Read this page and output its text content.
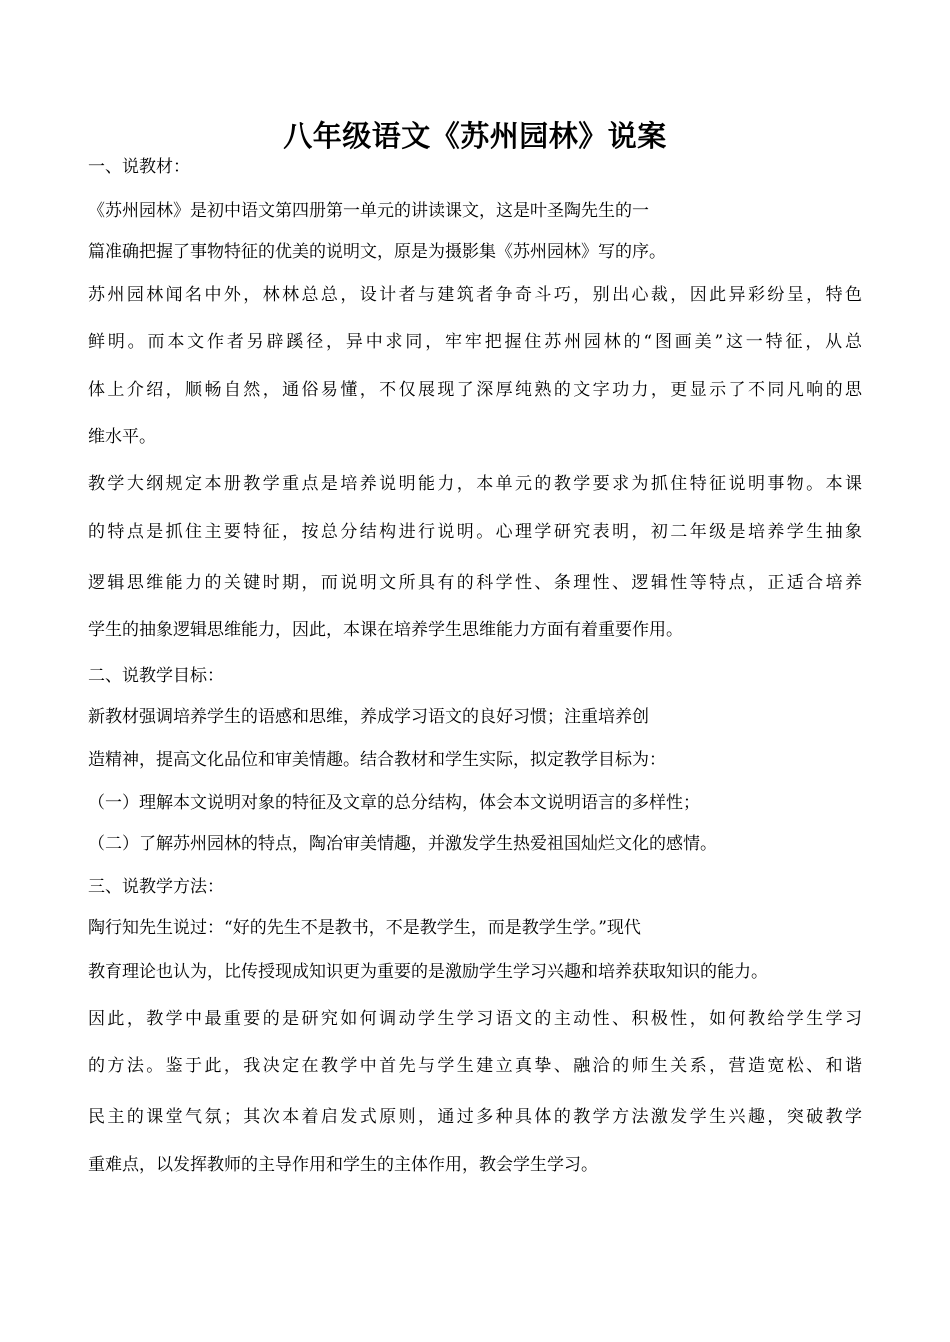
八年级语文《苏州园林》说案
一、说教材：
《苏州园林》是初中语文第四册第一单元的讲读课文，这是叶圣陶先生的一
篇准确把握了事物特征的优美的说明文，原是为摄影集《苏州园林》写的序。
苏州园林闻名中外，林林总总，设计者与建筑者争奇斗巧，别出心裁，因此异彩纷呈，特色
鲜明。而本文作者另辟蹊径，异中求同，牢牢把握住苏州园林的“图画美”这一特征，从总
体上介绍，顺畅自然，通俗易懂，不仅展现了深厚纯熟的文字功力，更显示了不同凡响的思
维水平。
教学大纲规定本册教学重点是培养说明能力，本单元的教学要求为抓住特征说明事物。本课
的特点是抓住主要特征，按总分结构进行说明。心理学研究表明，初二年级是培养学生抽象
逻辑思维能力的关键时期，而说明文所具有的科学性、条理性、逻辑性等特点，正适合培养
学生的抽象逻辑思维能力，因此，本课在培养学生思维能力方面有着重要作用。
二、说教学目标：
新教材强调培养学生的语感和思维，养成学习语文的良好习惯；注重培养创
造精神，提高文化品位和审美情趣。结合教材和学生实际，拟定教学目标为：
（一）理解本文说明对象的特征及文章的总分结构，体会本文说明语言的多样性；
（二）了解苏州园林的特点，陶冶审美情趣，并激发学生热爱祖国灿烂文化的感情。
三、说教学方法：
陶行知先生说过：“好的先生不是教书，不是教学生，而是教学生学。”现代
教育理论也认为，比传授现成知识更为重要的是激励学生学习兴趣和培养获取知识的能力。
因此，教学中最重要的是研究如何调动学生学习语文的主动性、积极性，如何教给学生学习
的方法。鉴于此，我决定在教学中首先与学生建立真挚、融洽的师生关系，营造宽松、和谐
民主的课堂气氛；其次本着启发式原则，通过多种具体的教学方法激发学生兴趣，突破教学
重难点，以发挥教师的主导作用和学生的主体作用，教会学生学习。
